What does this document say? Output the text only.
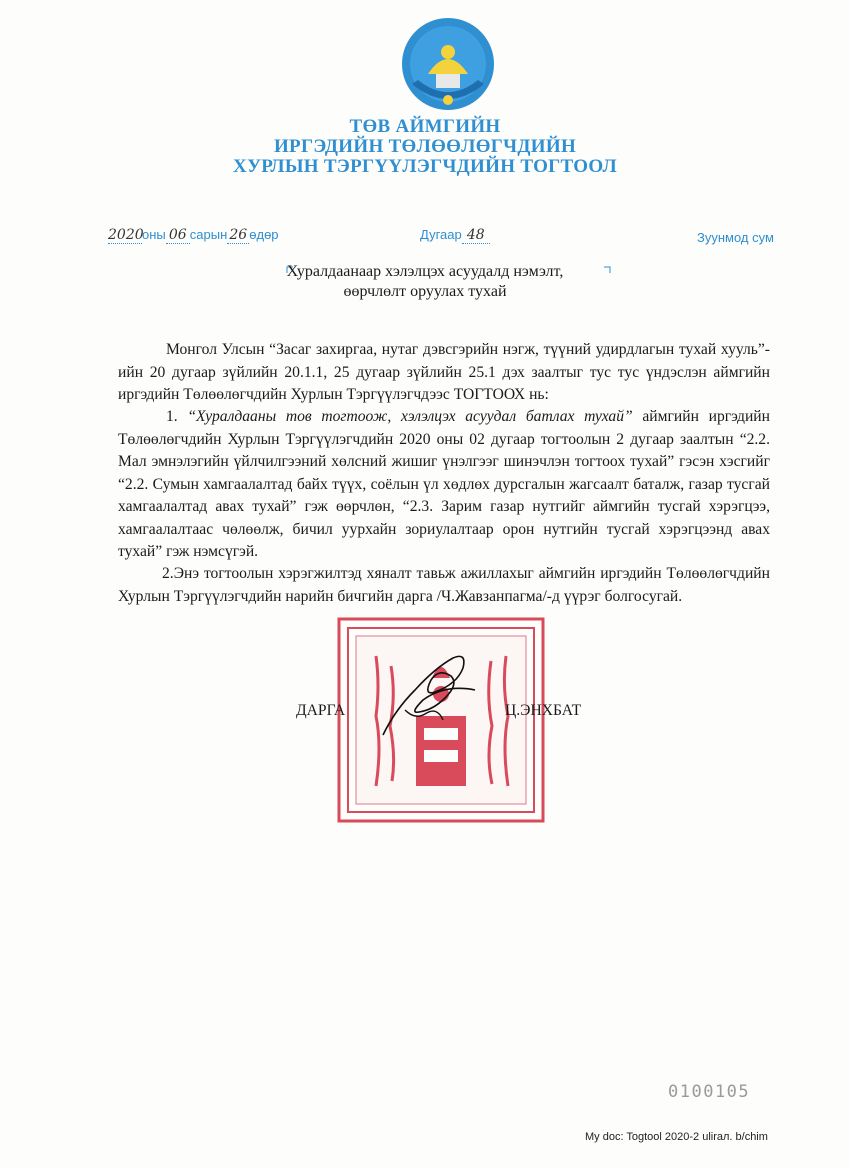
ТӨВ АЙМГИЙН
ИРГЭДИЙН ТӨЛӨӨЛӨГЧДИЙН
ХУРЛЫН ТЭРГҮҮЛЭГЧДИЙН ТОГТООЛ
2020оны 06 сарын 26 өдөр	Дугаар 48	Зуунмод сум
Хуралдаанаар хэлэлцэх асуудалд нэмэлт,
өөрчлөлт оруулах тухай
Монгол Улсын “Засаг захиргаа, нутаг дэвсгэрийн нэгж, түүний удирдлагын тухай хууль”-ийн 20 дугаар зүйлийн 20.1.1, 25 дугаар зүйлийн 25.1 дэх заалтыг тус тус үндэслэн аймгийн иргэдийн Төлөөлөгчдийн Хурлын Тэргүүлэгчдээс ТОГТООХ нь:
1. “Хуралдааны тов тогтоож, хэлэлцэх асуудал батлах тухай” аймгийн иргэдийн Төлөөлөгчдийн Хурлын Тэргүүлэгчдийн 2020 оны 02 дугаар тогтоолын 2 дугаар заалтын “2.2. Мал эмнэлэгийн үйлчилгээний хөлсний жишиг үнэлгээг шинэчлэн тогтоох тухай” гэсэн хэсгийг “2.2. Сумын хамгаалалтад байх түүх, соёлын үл хөдлөх дурсгалын жагсаалт баталж, газар тусгай хамгаалалтад авах тухай” гэж өөрчлөн, “2.3. Зарим газар нутгийг аймгийн тусгай хэрэгцээ, хамгаалалтаас чөлөөлж, бичил уурхайн зориулалтаар орон нутгийн тусгай хэрэгцээнд авах тухай” гэж нэмсүгэй.
2.Энэ тогтоолын хэрэгжилтэд хяналт тавьж ажиллахыг аймгийн иргэдийн Төлөөлөгчдийн Хурлын Тэргүүлэгчдийн нарийн бичгийн дарга /Ч.Жавзанпагма/-д үүрэг болгосугай.
ДАРГА	Ц.ЭНХБАТ
0100105
My doc: Togtool 2020-2 ulirал. b/chim
